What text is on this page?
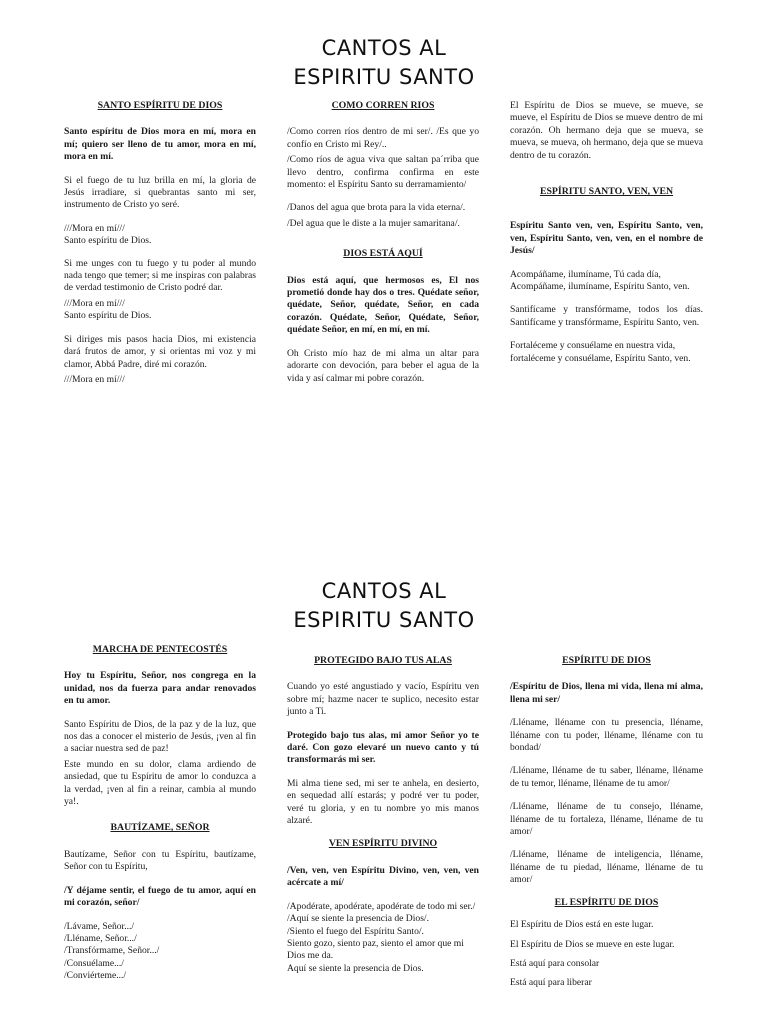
CANTOS AL
ESPIRITU SANTO
SANTO ESPÍRITU DE DIOS

Santo espíritu de Dios mora en mí, mora en mí; quiero ser lleno de tu amor, mora en mí, mora en mí.

Si el fuego de tu luz brilla en mí, la gloria de Jesús irradiare, si quebrantas santo mi ser, instrumento de Cristo yo seré.

///Mora en mí///
Santo espíritu de Dios.

Si me unges con tu fuego y tu poder al mundo nada tengo que temer; si me inspiras con palabras de verdad testimonio de Cristo podré dar.

///Mora en mí///
Santo espíritu de Dios.

Si diriges mis pasos hacia Dios, mi existencia dará frutos de amor, y si orientas mi voz y mi clamor, Abbá Padre, diré mi corazón.

///Mora en mí///

COMO CORREN RIOS

/Como corren ríos dentro de mi ser/. /Es que yo confío en Cristo mi Rey/..

/Como ríos de agua viva que saltan pa´rriba que llevo dentro, confirma confirma en este momento: el Espíritu Santo su derramamiento/

/Danos del agua que brota para la vida eterna/.

/Del agua que le diste a la mujer samaritana/.

DIOS ESTÁ AQUÍ

Dios está aquí, que hermosos es, El nos prometió donde hay dos o tres. Quédate señor, quédate, Señor, quédate, Señor, en cada corazón. Quédate, Señor, Quédate, Señor, quédate Señor, en mí, en mí, en mí.

Oh Cristo mío haz de mi alma un altar para adorarte con devoción, para beber el agua de la vida y así calmar mi pobre corazón.

El Espíritu de Dios se mueve, se mueve, se mueve, el Espíritu de Dios se mueve dentro de mi corazón. Oh hermano deja que se mueva, se mueva, se mueva, oh hermano, deja que se mueva dentro de tu corazón.

ESPÍRITU SANTO, VEN, VEN

Espíritu Santo ven, ven, Espíritu Santo, ven, ven, Espíritu Santo, ven, ven, en el nombre de Jesús/

Acompáñame, ilumíname, Tú cada día, Acompáñame, ilumíname, Espíritu Santo, ven.

Santifícame y transfórmame, todos los días. Santifícame y transfórmame, Espíritu Santo, ven.

Fortaléceme y consuélame en nuestra vida, fortaléceme y consuélame, Espíritu Santo, ven.

CANTOS AL
ESPIRITU SANTO
MARCHA DE PENTECOSTÉS

Hoy tu Espíritu, Señor, nos congrega en la unidad, nos da fuerza para andar renovados en tu amor.

Santo Espíritu de Dios, de la paz y de la luz, que nos das a conocer el misterio de Jesús, ¡ven al fin a saciar nuestra sed de paz!

Este mundo en su dolor, clama ardiendo de ansiedad, que tu Espíritu de amor lo conduzca a la verdad, ¡ven al fin a reinar, cambia al mundo ya!.

BAUTÍZAME, SEÑOR

Bautízame, Señor con tu Espíritu, bautízame, Señor con tu Espíritu,

/Y déjame sentir, el fuego de tu amor, aquí en mi corazón, señor/

/Lávame, Señor.../
/Lléname, Señor.../
/Transfórmame, Señor.../
/Consuélame.../
/Conviérteme.../

PROTEGIDO BAJO TUS ALAS

Cuando yo esté angustiado y vacío, Espíritu ven sobre mí; hazme nacer te suplico, necesito estar junto a Ti.

Protegido bajo tus alas, mi amor Señor yo te daré. Con gozo elevaré un nuevo canto y tú transformarás mi ser.

Mi alma tiene sed, mi ser te anhela, en desierto, en sequedad allí estarás; y podré ver tu poder, veré tu gloria, y en tu nombre yo mis manos alzaré.

VEN ESPÍRITU DIVINO

/Ven, ven, ven Espíritu Divino, ven, ven, ven acércate a mí/

/Apodérate, apodérate, apodérate de todo mi ser./

/Aquí se siente la presencia de Dios/.
/Siento el fuego del Espíritu Santo/.
Siento gozo, siento paz, siento el amor que mi Dios me da.
Aquí se siente la presencia de Dios.

ESPÍRITU DE DIOS

/Espíritu de Dios, llena mi vida, llena mi alma, llena mi ser/

/Lléname, lléname con tu presencia, lléname, lléname con tu poder, lléname, lléname con tu bondad/

/Lléname, lléname de tu saber, lléname, lléname de tu temor, lléname, lléname de tu amor/

/Lléname, lléname de tu consejo, lléname, lléname de tu fortaleza, lléname, lléname de tu amor/

/Lléname, lléname de inteligencia, lléname, lléname de tu piedad, lléname, lléname de tu amor/

EL ESPÍRITU DE DIOS

El Espíritu de Dios está en este lugar.

El Espíritu de Dios se mueve en este lugar.

Está aquí para consolar

Está aquí para liberar
